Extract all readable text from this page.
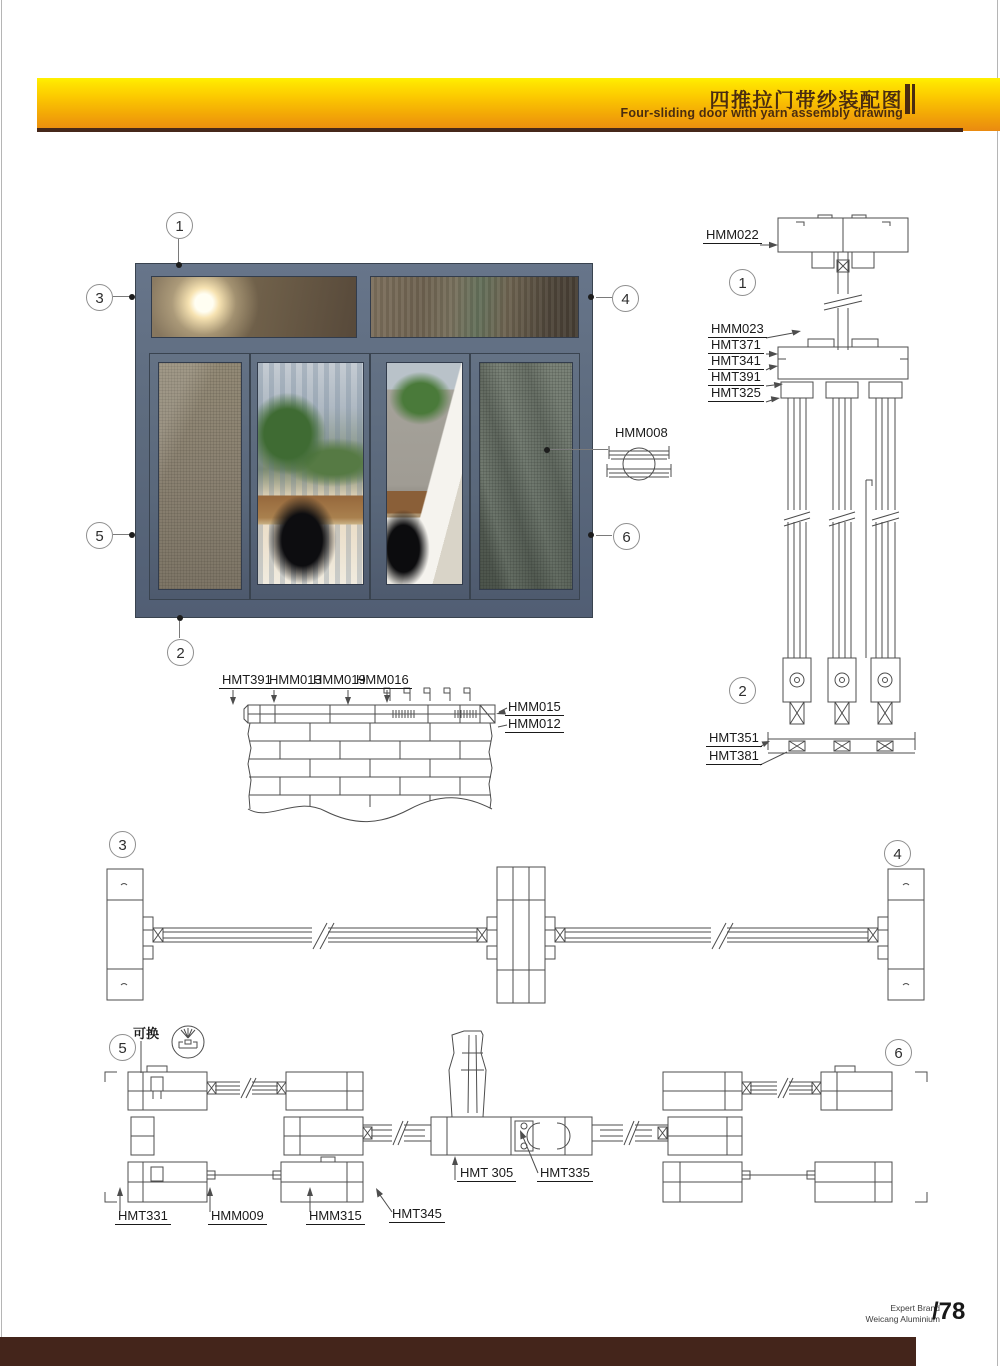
四推拉门带纱装配图
Four-sliding door with yarn assembly drawing
1
2
3	4
5	6
HMM008
1
2
HMM022
HMM023
HMT371
HMT341
HMT391
HMT325
HMT351
HMT381
HMT391
HMM013
HMM019
HMM016
HMM015
HMM012
3
4
5	6
可换
HMT331	HMM009	HMM315 HMT345
HMT 305 HMT335
Expert Brand
Weicang Aluminium
/78
